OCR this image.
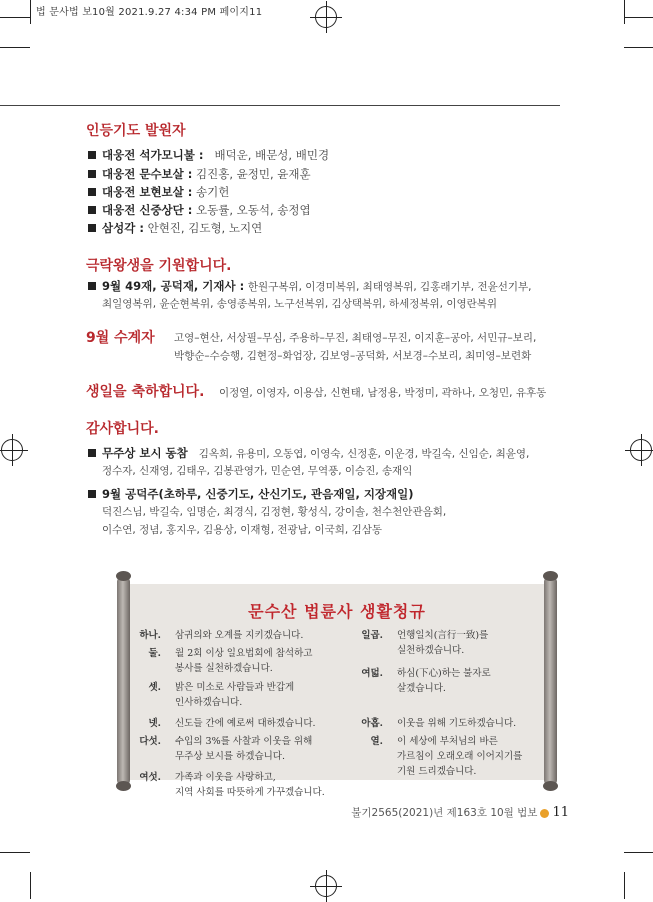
법 문사법 보10월 2021.9.27 4:34 PM 페이지11
인등기도 발원자
대웅전 석가모니불 : 배덕운, 배문성, 배민경
대웅전 문수보살 : 김진홍, 윤정민, 윤재훈
대웅전 보현보살 : 송기헌
대웅전 신중상단 : 오동률, 오동석, 송정엽
삼성각 : 안현진, 김도형, 노지연
극락왕생을 기원합니다.
9월 49재, 공덕재, 기재사 : 한원구복위, 이경미복위, 최태영복위, 김홍래기부, 전윤선기부,
최일영복위, 윤순현복위, 송영종복위, 노구선복위, 김상택복위, 하세정복위, 이영란복위
9월 수계자 고영–현산, 서상필–무심, 주용하–무진, 최태영–무진, 이지훈–공아, 서민규–보리,
박향순–수승행, 김현정–화엄장, 김보영–공덕화, 서보경–수보리, 최미영–보련화
생일을 축하합니다. 이정열, 이영자, 이용삼, 신현태, 남정용, 박정미, 곽하나, 오청민, 유후동
감사합니다.
무주상 보시 동참 김옥희, 유용미, 오동엽, 이영숙, 신정훈, 이운경, 박길숙, 신임순, 최윤영,
정수자, 신재영, 김태우, 김봉관영가, 민순연, 무역풍, 이승진, 송재익
9월 공덕주(초하루, 신중기도, 산신기도, 관음재일, 지장재일)
덕진스님, 박길숙, 임명순, 최경식, 김정현, 황성식, 강이솔, 천수천안관음회,
이수연, 정념, 홍지우, 김용상, 이재형, 전광남, 이국희, 김삼동
문수산 법륜사 생활청규
하나. 삼귀의와 오계를 지키겠습니다.
둘. 월 2회 이상 일요법회에 참석하고
봉사를 실천하겠습니다.
셋. 밝은 미소로 사람들과 반갑게
인사하겠습니다.
넷. 신도들 간에 예로써 대하겠습니다.
다섯. 수입의 3%를 사찰과 이웃을 위해
무주상 보시를 하겠습니다.
여섯. 가족과 이웃을 사랑하고,
지역 사회를 따뜻하게 가꾸겠습니다.
일곱. 언행일치(言行一致)를
실천하겠습니다.
여덟. 하심(下心)하는 불자로
살겠습니다.
아홉. 이웃을 위해 기도하겠습니다.
열. 이 세상에 부처님의 바른
가르침이 오래오래 이어지기를
기원 드리겠습니다.
불기2565(2021)년 제163호 10월 법보 11
